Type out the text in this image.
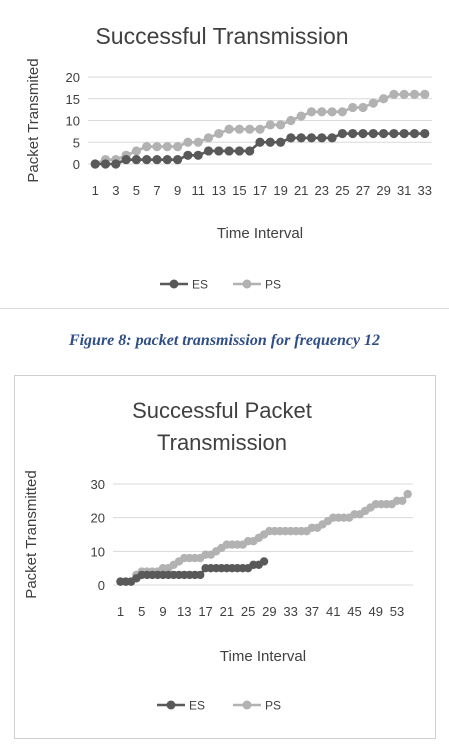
Successful Transmission
0
5
10
15
20
1 3 5 7 9 11 13 15 17 19 21 23 25 27 29 31 33
Time Interval
Packet Transmited
ES	PS
Figure 8: packet transmission for frequency 12
Successful Packet
Transmission
0
10
20
30
1 5 9 13 17 21 25 29 33 37 41 45 49 53
Time Interval
Packet Transmitted
ES	PS
